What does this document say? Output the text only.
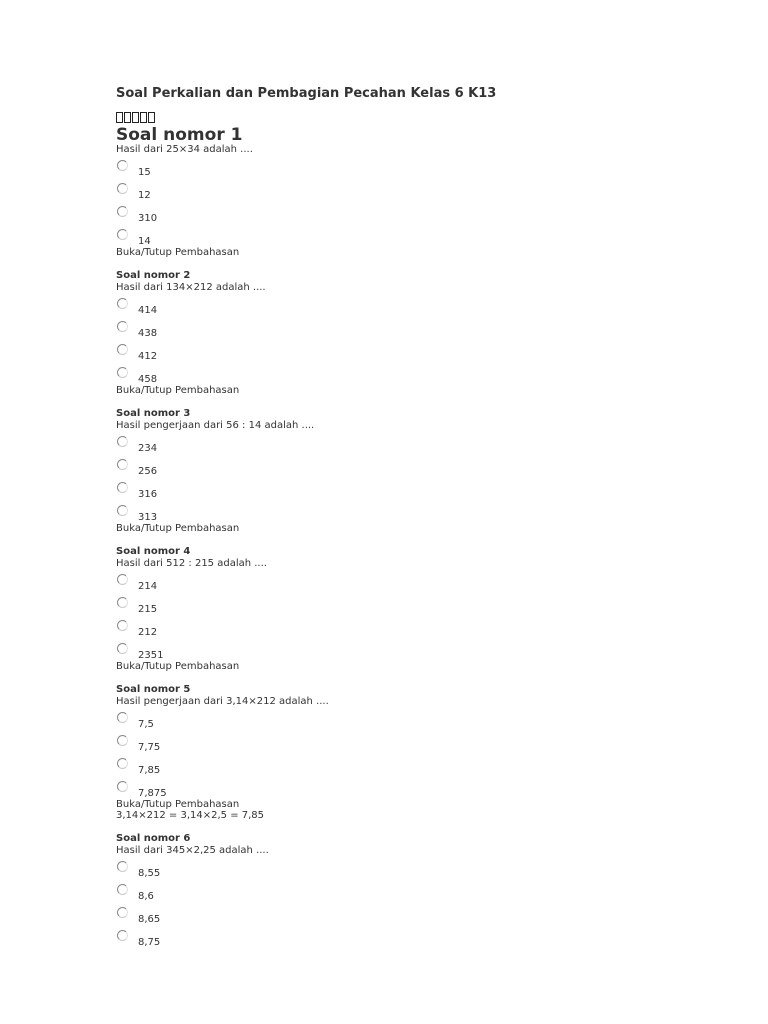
Soal Perkalian dan Pembagian Pecahan Kelas 6 K13
Soal nomor 1
Hasil dari 25×34 adalah ....
15
12
310
14
Buka/Tutup Pembahasan
Soal nomor 2
Hasil dari 134×212 adalah ....
414
438
412
458
Buka/Tutup Pembahasan
Soal nomor 3
Hasil pengerjaan dari 56 : 14 adalah ....
234
256
316
313
Buka/Tutup Pembahasan
Soal nomor 4
Hasil dari 512 : 215 adalah ....
214
215
212
2351
Buka/Tutup Pembahasan
Soal nomor 5
Hasil pengerjaan dari 3,14×212 adalah ....
7,5
7,75
7,85
7,875
Buka/Tutup Pembahasan
3,14×212 = 3,14×2,5 = 7,85
Soal nomor 6
Hasil dari 345×2,25 adalah ....
8,55
8,6
8,65
8,75
